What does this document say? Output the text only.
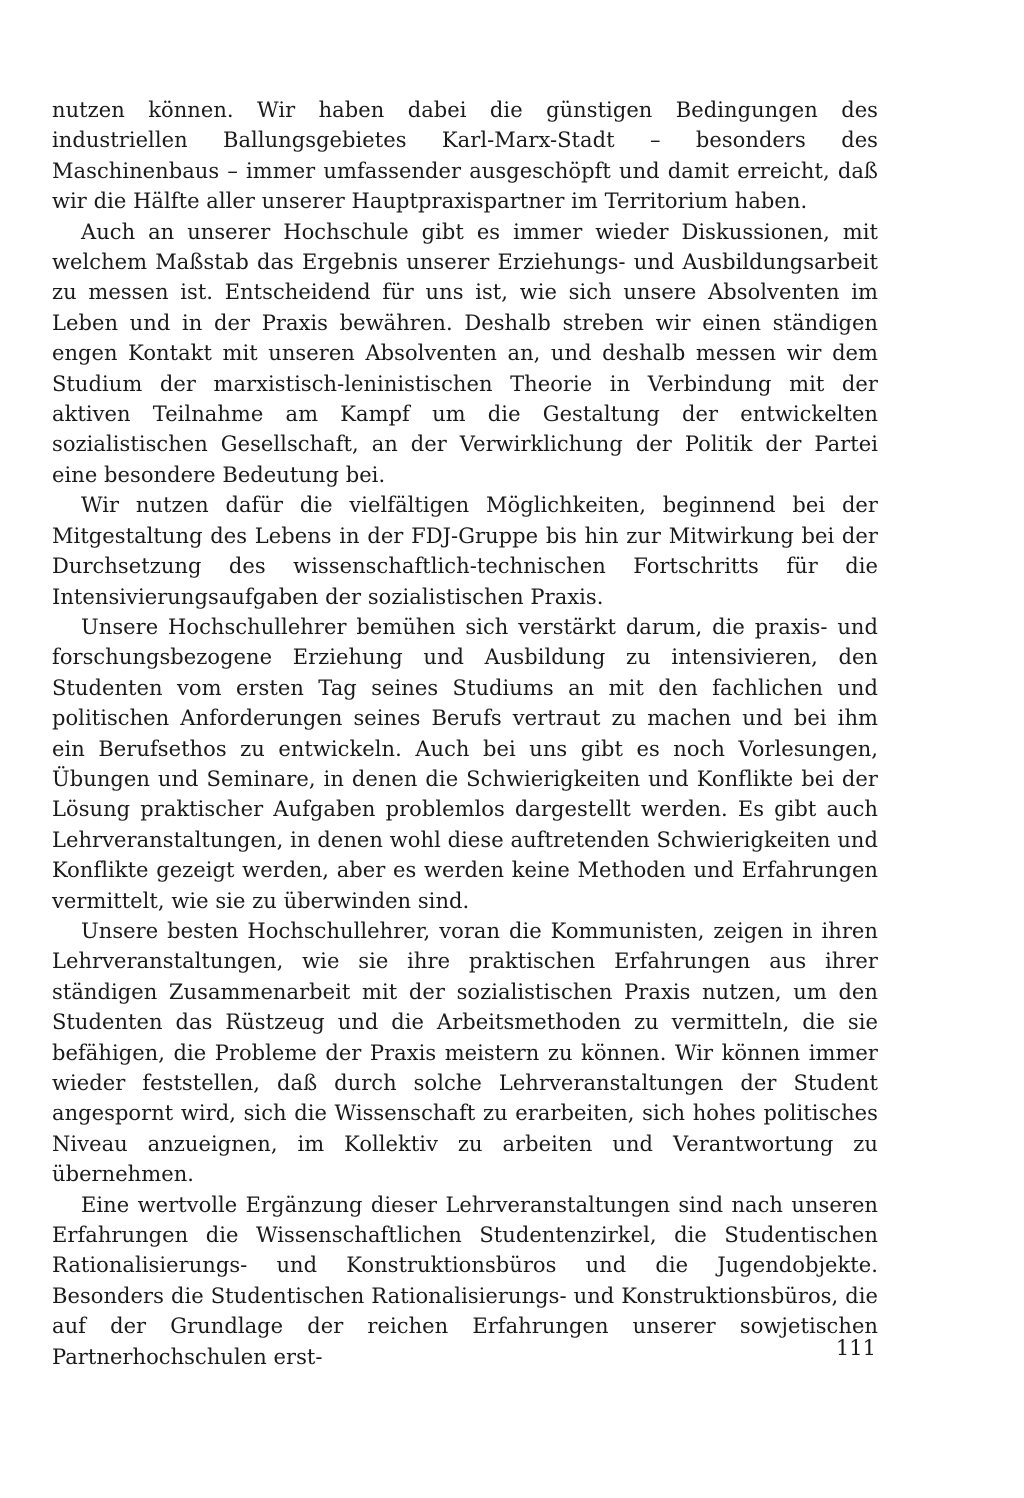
nutzen können. Wir haben dabei die günstigen Bedingungen des industriellen Ballungsgebietes Karl-Marx-Stadt – besonders des Maschinenbaus – immer umfassender ausgeschöpft und damit erreicht, daß wir die Hälfte aller unserer Hauptpraxispartner im Territorium haben.

Auch an unserer Hochschule gibt es immer wieder Diskussionen, mit welchem Maßstab das Ergebnis unserer Erziehungs- und Ausbildungsarbeit zu messen ist. Entscheidend für uns ist, wie sich unsere Absolventen im Leben und in der Praxis bewähren. Deshalb streben wir einen ständigen engen Kontakt mit unseren Absolventen an, und deshalb messen wir dem Studium der marxistisch-leninistischen Theorie in Verbindung mit der aktiven Teilnahme am Kampf um die Gestaltung der entwickelten sozialistischen Gesellschaft, an der Verwirklichung der Politik der Partei eine besondere Bedeutung bei.

Wir nutzen dafür die vielfältigen Möglichkeiten, beginnend bei der Mitgestaltung des Lebens in der FDJ-Gruppe bis hin zur Mitwirkung bei der Durchsetzung des wissenschaftlich-technischen Fortschritts für die Intensivierungsaufgaben der sozialistischen Praxis.

Unsere Hochschullehrer bemühen sich verstärkt darum, die praxis- und forschungsbezogene Erziehung und Ausbildung zu intensivieren, den Studenten vom ersten Tag seines Studiums an mit den fachlichen und politischen Anforderungen seines Berufs vertraut zu machen und bei ihm ein Berufsethos zu entwickeln. Auch bei uns gibt es noch Vorlesungen, Übungen und Seminare, in denen die Schwierigkeiten und Konflikte bei der Lösung praktischer Aufgaben problemlos dargestellt werden. Es gibt auch Lehrveranstaltungen, in denen wohl diese auftretenden Schwierigkeiten und Konflikte gezeigt werden, aber es werden keine Methoden und Erfahrungen vermittelt, wie sie zu überwinden sind.

Unsere besten Hochschullehrer, voran die Kommunisten, zeigen in ihren Lehrveranstaltungen, wie sie ihre praktischen Erfahrungen aus ihrer ständigen Zusammenarbeit mit der sozialistischen Praxis nutzen, um den Studenten das Rüstzeug und die Arbeitsmethoden zu vermitteln, die sie befähigen, die Probleme der Praxis meistern zu können. Wir können immer wieder feststellen, daß durch solche Lehrveranstaltungen der Student angespornt wird, sich die Wissenschaft zu erarbeiten, sich hohes politisches Niveau anzueignen, im Kollektiv zu arbeiten und Verantwortung zu übernehmen.

Eine wertvolle Ergänzung dieser Lehrveranstaltungen sind nach unseren Erfahrungen die Wissenschaftlichen Studentenzirkel, die Studentischen Rationalisierungs- und Konstruktionsbüros und die Jugendobjekte. Besonders die Studentischen Rationalisierungs- und Konstruktionsbüros, die auf der Grundlage der reichen Erfahrungen unserer sowjetischen Partnerhochschulen erst-	111
